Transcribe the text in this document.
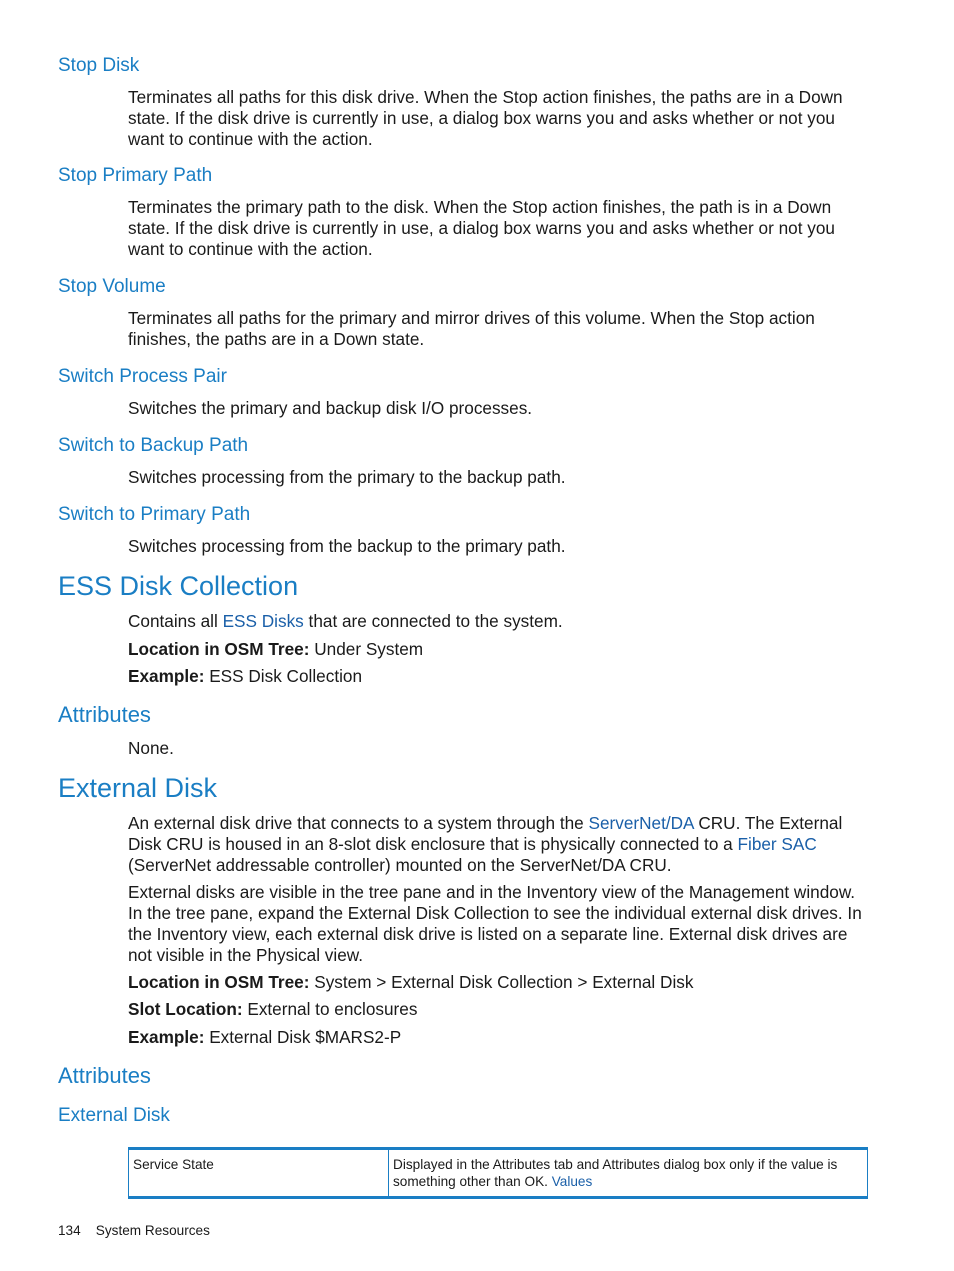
Stop Disk
Terminates all paths for this disk drive. When the Stop action finishes, the paths are in a Down state. If the disk drive is currently in use, a dialog box warns you and asks whether or not you want to continue with the action.
Stop Primary Path
Terminates the primary path to the disk. When the Stop action finishes, the path is in a Down state. If the disk drive is currently in use, a dialog box warns you and asks whether or not you want to continue with the action.
Stop Volume
Terminates all paths for the primary and mirror drives of this volume. When the Stop action finishes, the paths are in a Down state.
Switch Process Pair
Switches the primary and backup disk I/O processes.
Switch to Backup Path
Switches processing from the primary to the backup path.
Switch to Primary Path
Switches processing from the backup to the primary path.
ESS Disk Collection
Contains all ESS Disks that are connected to the system.
Location in OSM Tree: Under System
Example: ESS Disk Collection
Attributes
None.
External Disk
An external disk drive that connects to a system through the ServerNet/DA CRU. The External Disk CRU is housed in an 8-slot disk enclosure that is physically connected to a Fiber SAC (ServerNet addressable controller) mounted on the ServerNet/DA CRU.
External disks are visible in the tree pane and in the Inventory view of the Management window. In the tree pane, expand the External Disk Collection to see the individual external disk drives. In the Inventory view, each external disk drive is listed on a separate line. External disk drives are not visible in the Physical view.
Location in OSM Tree: System > External Disk Collection > External Disk
Slot Location: External to enclosures
Example: External Disk $MARS2-P
Attributes
External Disk
Service State	Displayed in the Attributes tab and Attributes dialog box only if the value is something other than OK. Values
134 System Resources
